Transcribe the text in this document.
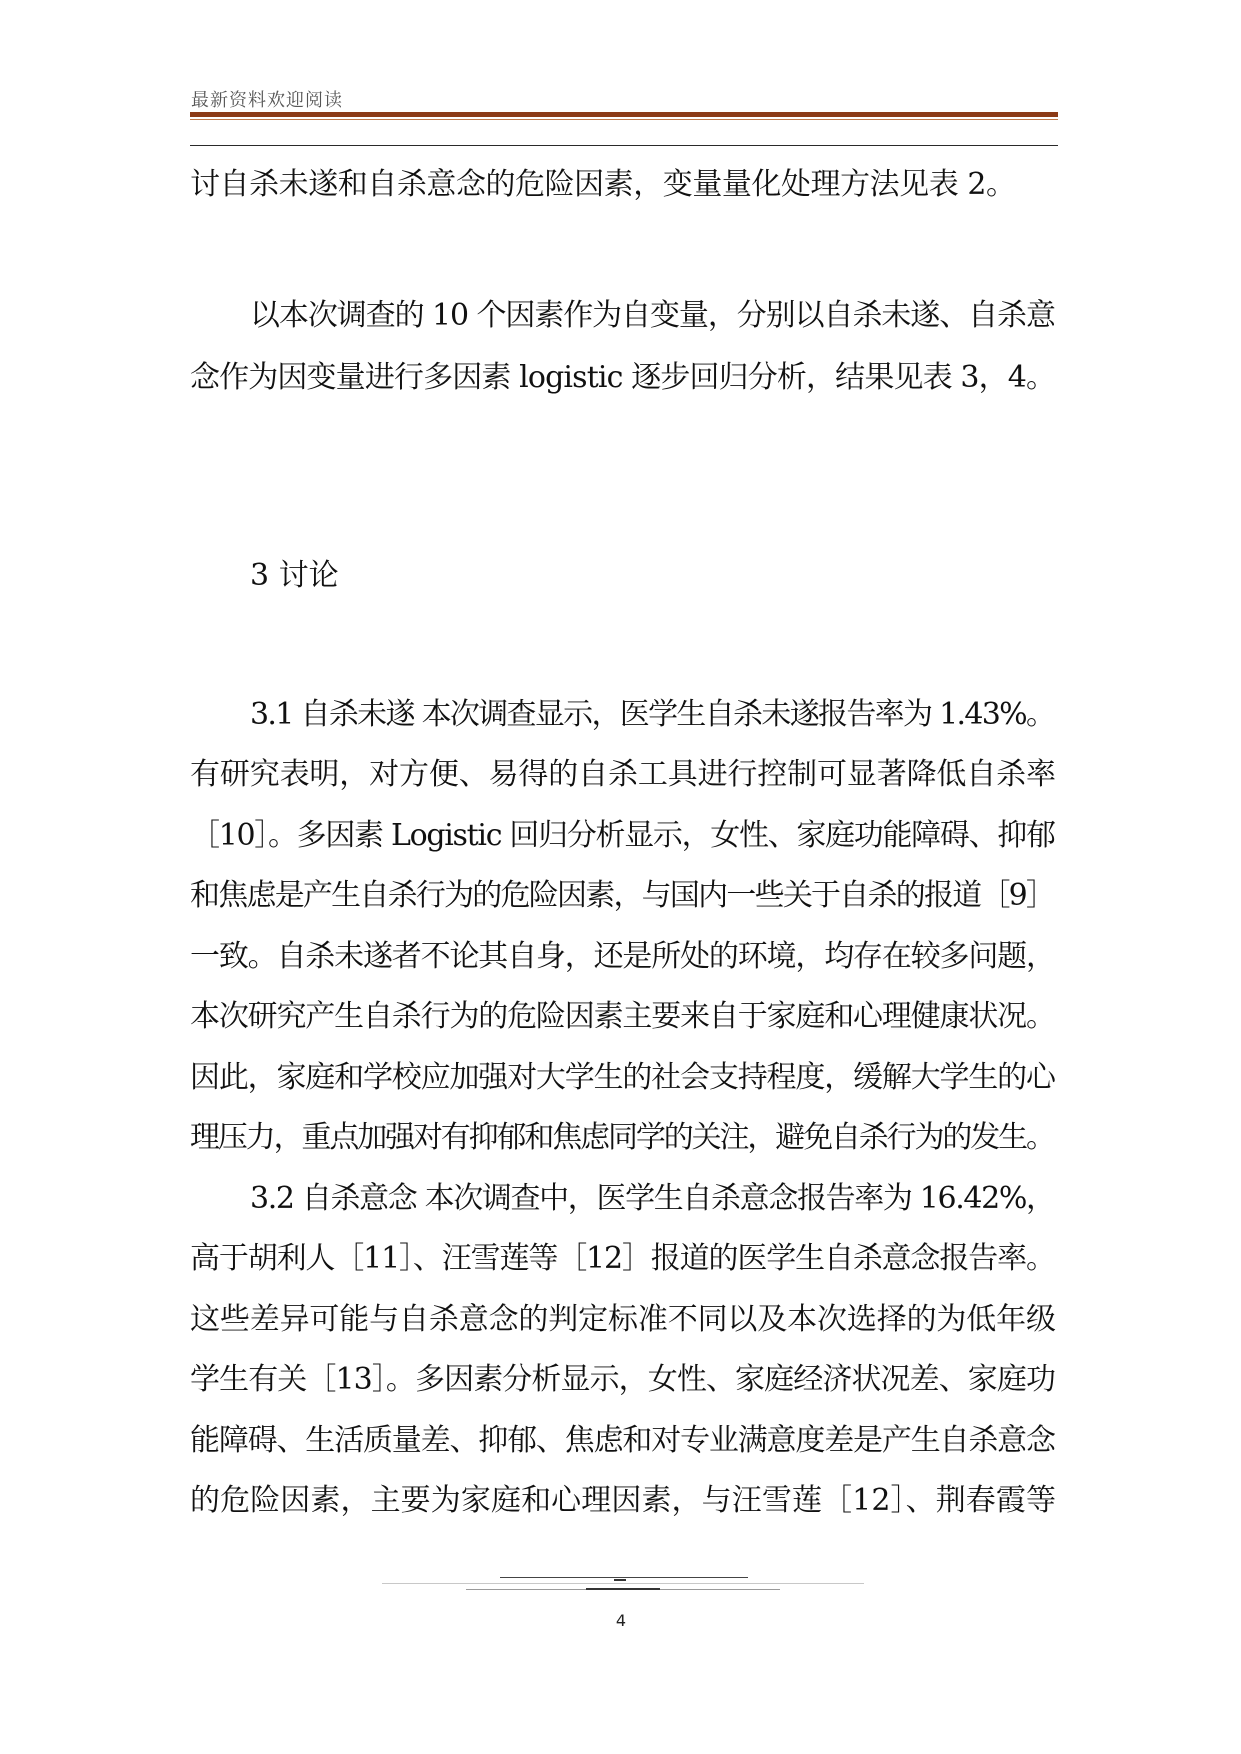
最新资料欢迎阅读
讨自杀未遂和自杀意念的危险因素，变量量化处理方法见表 2。
以本次调查的 10 个因素作为自变量，分别以自杀未遂、自杀意
念作为因变量进行多因素 logistic 逐步回归分析，结果见表 3，4。
3 讨论
3.1 自杀未遂 本次调查显示，医学生自杀未遂报告率为 1.43%。
有研究表明，对方便、易得的自杀工具进行控制可显著降低自杀率
［10］。多因素 Logistic 回归分析显示，女性、家庭功能障碍、抑郁
和焦虑是产生自杀行为的危险因素，与国内一些关于自杀的报道［9］
一致。自杀未遂者不论其自身，还是所处的环境，均存在较多问题，
本次研究产生自杀行为的危险因素主要来自于家庭和心理健康状况。
因此，家庭和学校应加强对大学生的社会支持程度，缓解大学生的心
理压力，重点加强对有抑郁和焦虑同学的关注，避免自杀行为的发生。
3.2 自杀意念 本次调查中，医学生自杀意念报告率为 16.42%，
高于胡利人［11］、汪雪莲等［12］报道的医学生自杀意念报告率。
这些差异可能与自杀意念的判定标准不同以及本次选择的为低年级
学生有关［13］。多因素分析显示，女性、家庭经济状况差、家庭功
能障碍、生活质量差、抑郁、焦虑和对专业满意度差是产生自杀意念
的危险因素，主要为家庭和心理因素，与汪雪莲［12］、荆春霞等
4
